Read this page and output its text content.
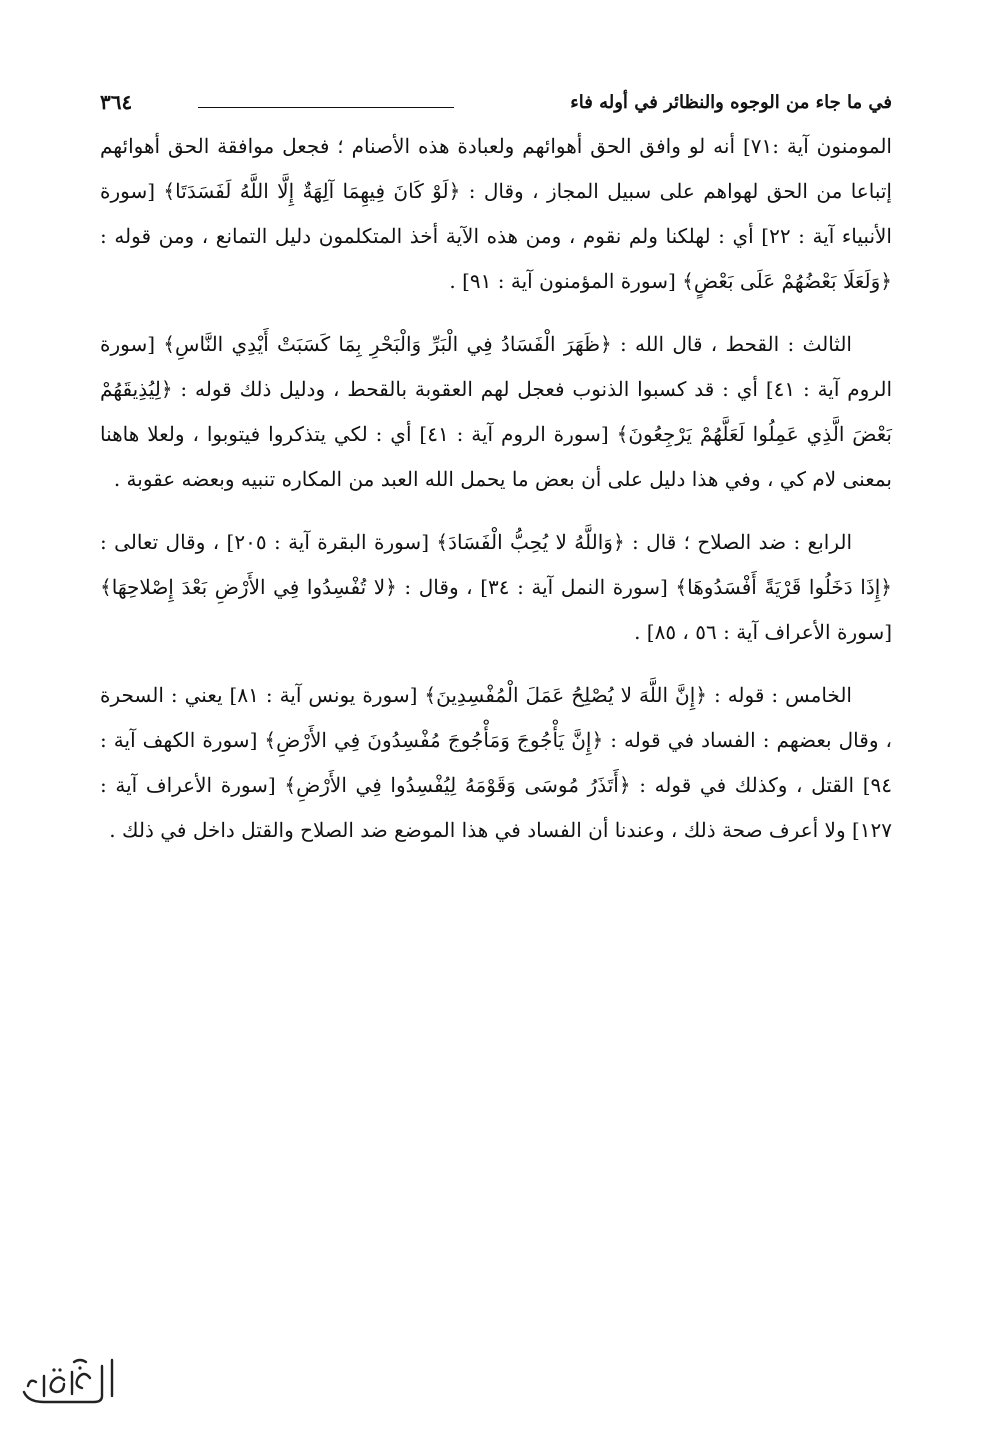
في ما جاء من الوجوه والنظائر في أوله فاء
٣٦٤

المومنون آية :٧١] أنه لو وافق الحق أهوائهم ولعبادة هذه الأصنام ؛ فجعل موافقة الحق أهوائهم إتباعا من الحق لهواهم على سبيل المجاز ، وقال : ﴿لَوْ كَانَ فِيهِمَا آلِهَةٌ إِلَّا اللَّهُ لَفَسَدَتَا﴾ [سورة الأنبياء آية : ٢٢] أي : لهلكنا ولم نقوم ، ومن هذه الآية أخذ المتكلمون دليل التمانع ، ومن قوله : ﴿وَلَعَلَا بَعْضُهُمْ عَلَى بَعْضٍ﴾ [سورة المؤمنون آية : ٩١] .

الثالث : القحط ، قال الله : ﴿ظَهَرَ الْفَسَادُ فِي الْبَرِّ وَالْبَحْرِ بِمَا كَسَبَتْ أَيْدِي النَّاسِ﴾ [سورة الروم آية : ٤١] أي : قد كسبوا الذنوب فعجل لهم العقوبة بالقحط ، ودليل ذلك قوله : ﴿لِيُذِيقَهُمْ بَعْضَ الَّذِي عَمِلُوا لَعَلَّهُمْ يَرْجِعُونَ﴾ [سورة الروم آية : ٤١] أي : لكي يتذكروا فيتوبوا ، ولعلا هاهنا بمعنى لام كي ، وفي هذا دليل على أن بعض ما يحمل الله العبد من المكاره تنبيه وبعضه عقوبة .

الرابع : ضد الصلاح ؛ قال : ﴿وَاللَّهُ لا يُحِبُّ الْفَسَادَ﴾ [سورة البقرة آية : ٢٠٥] ، وقال تعالى : ﴿إِذَا دَخَلُوا قَرْيَةً أَفْسَدُوهَا﴾ [سورة النمل آية : ٣٤] ، وقال : ﴿لا تُفْسِدُوا فِي الأَرْضِ بَعْدَ إِصْلاحِهَا﴾ [سورة الأعراف آية : ٥٦ ، ٨٥] .

الخامس : قوله : ﴿إِنَّ اللَّهَ لا يُصْلِحُ عَمَلَ الْمُفْسِدِينَ﴾ [سورة يونس آية : ٨١] يعني : السحرة ، وقال بعضهم : الفساد في قوله : ﴿إِنَّ يَأْجُوجَ وَمَأْجُوجَ مُفْسِدُونَ فِي الأَرْضِ﴾ [سورة الكهف آية : ٩٤] القتل ، وكذلك في قوله : ﴿أَتَذَرُ مُوسَى وَقَوْمَهُ لِيُفْسِدُوا فِي الأَرْضِ﴾ [سورة الأعراف آية : ١٢٧] ولا أعرف صحة ذلك ، وعندنا أن الفساد في هذا الموضع ضد الصلاح والقتل داخل في ذلك .
